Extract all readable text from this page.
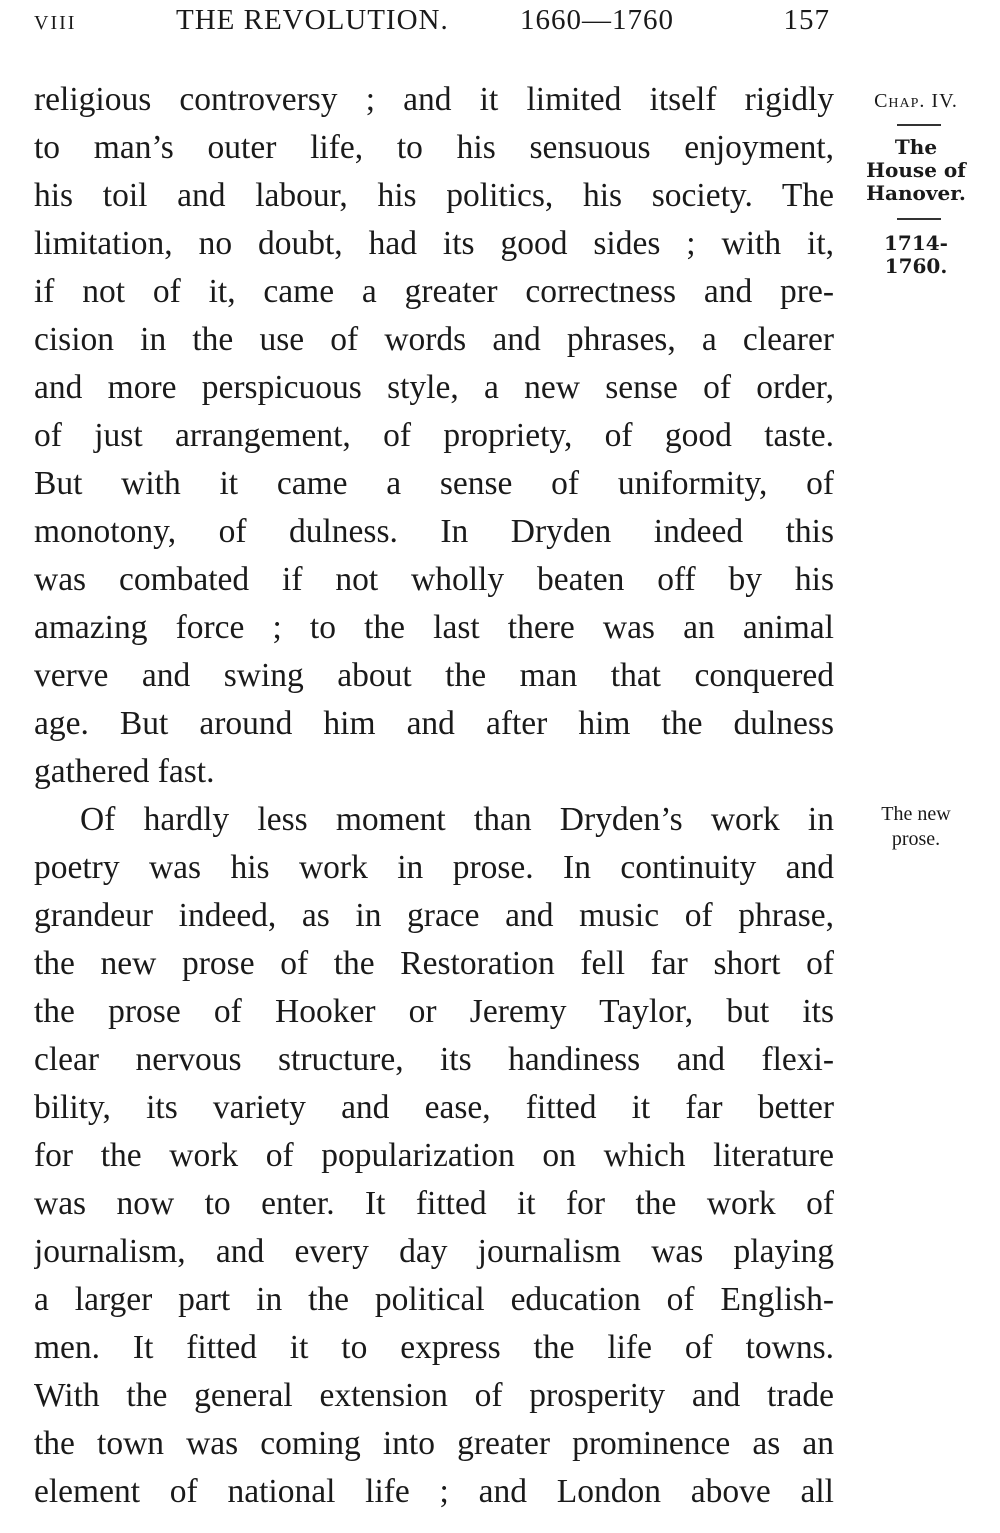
viii	THE REVOLUTION. 1660—1760	157
religious controversy ; and it limited itself rigidly
to man’s outer life, to his sensuous enjoyment,
his toil and labour, his politics, his society. The
limitation, no doubt, had its good sides ; with it,
if not of it, came a greater correctness and pre-
cision in the use of words and phrases, a clearer
and more perspicuous style, a new sense of order,
of just arrangement, of propriety, of good taste.
But with it came a sense of uniformity, of
monotony, of dulness. In Dryden indeed this
was combated if not wholly beaten off by his
amazing force ; to the last there was an animal
verve and swing about the man that conquered
age. But around him and after him the dulness
gathered fast.
Of hardly less moment than Dryden’s work in
poetry was his work in prose. In continuity and
grandeur indeed, as in grace and music of phrase,
the new prose of the Restoration fell far short of
the prose of Hooker or Jeremy Taylor, but its
clear nervous structure, its handiness and flexi-
bility, its variety and ease, fitted it far better
for the work of popularization on which literature
was now to enter. It fitted it for the work of
journalism, and every day journalism was playing
a larger part in the political education of English-
men. It fitted it to express the life of towns.
With the general extension of prosperity and trade
the town was coming into greater prominence as an
element of national life ; and London above all
Chap. IV.
The
House of
Hanover.
1714-1760.
The new
prose.
